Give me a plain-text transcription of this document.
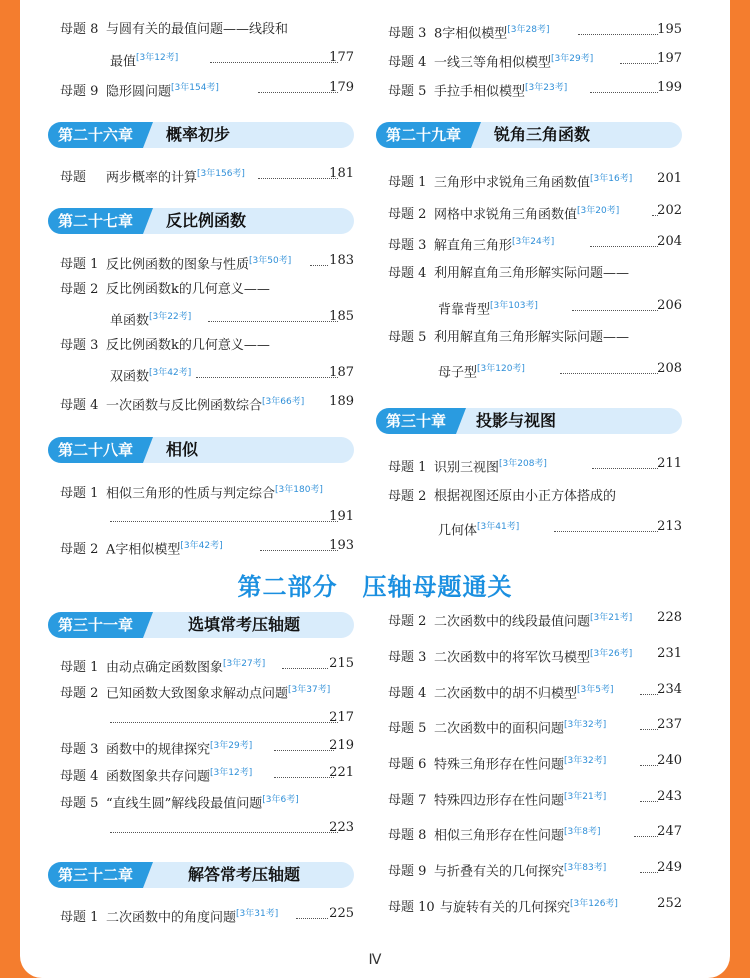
母题 8 与圆有关的最值问题——线段和
最值[3年12考]	177
母题 9 隐形圆问题[3年154考]	179
第二十六章	概率初步
母题 两步概率的计算[3年156考]	181
第二十七章	反比例函数
母题 1 反比例函数的图象与性质[3年50考]	183
母题 2 反比例函数k的几何意义——
单函数[3年22考]	185
母题 3 反比例函数k的几何意义——
双函数[3年42考]	187
母题 4 一次函数与反比例函数综合[3年66考] 189
第二十八章	相似
母题 1 相似三角形的性质与判定综合[3年180考]
191
母题 2 A字相似模型[3年42考]	193
第二部分　压轴母题通关
第三十一章	选填常考压轴题
母题 1 由动点确定函数图象[3年27考]	215
母题 2 已知函数大致图象求解动点问题[3年37考]
217
母题 3 函数中的规律探究[3年29考]	219
母题 4 函数图象共存问题[3年12考]	221
母题 5 “直线生圆”解线段最值问题[3年6考]
223
第三十二章	解答常考压轴题
母题 1 二次函数中的角度问题[3年31考]	225
母题 3 8字相似模型[3年28考]	195
母题 4 一线三等角相似模型[3年29考]	197
母题 5 手拉手相似模型[3年23考]	199
第二十九章	锐角三角函数
母题 1 三角形中求锐角三角函数值[3年16考] 201
母题 2 网格中求锐角三角函数值[3年20考]	202
母题 3 解直角三角形[3年24考]	204
母题 4 利用解直角三角形解实际问题——
背靠背型[3年103考]	206
母题 5 利用解直角三角形解实际问题——
母子型[3年120考]	208
第三十章	投影与视图
母题 1 识别三视图[3年208考]	211
母题 2 根据视图还原由小正方体搭成的
几何体[3年41考]	213
母题 2 二次函数中的线段最值问题[3年21考] 228
母题 3 二次函数中的将军饮马模型[3年26考] 231
母题 4 二次函数中的胡不归模型[3年5考]	234
母题 5 二次函数中的面积问题[3年32考]	237
母题 6 特殊三角形存在性问题[3年32考]	240
母题 7 特殊四边形存在性问题[3年21考]	243
母题 8 相似三角形存在性问题[3年8考]	247
母题 9 与折叠有关的几何探究[3年83考]	249
母题 10 与旋转有关的几何探究[3年126考]	252
Ⅳ
